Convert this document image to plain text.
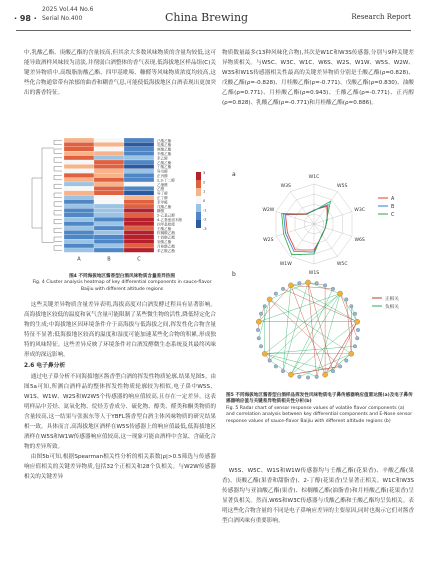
2025 Vol.44 No.6
· 98 · Serial No.400	China Brewing	Research Report

中,乳酸乙酯、庚酸乙酯的含量较高,但其余大多数风味物质的含量均较低,这可能导致酒样风味较为清淡,并削弱白酒整体的香气表现,低海拔地区样品组(C)关键差异物质中,高级脂肪酸乙酯、四甲基吡嗪、糠醛等风味物质浓度均较高,这些化合物通常带有浓郁的曲香和糊香气息,可能使低海拔地区白酒表现出更加突出的酱香特征。

己酸乙酯
乳酸乙酯
庚酸乙酯
辛酸乙酯
苯乙醇
乙酸乙酯
丁酸乙酯
异戊醇
正丙醇
2,3-丁二醇
乙缩醛
乙醛
异丁醇
正丁醇
苯甲醛
戊酸乙酯
糠醛
2-乙基己醇
4-乙基愈创木酚
四甲基吡嗪
壬酸乙酯
棕榈酸乙酯
十四酸乙酯
癸酸乙酯
月桂酸乙酯
苯乙酸乙酯
A	B	C
3
2
1
0
-1
-2
-3
图4 不同海拔地区酱香型白酒风味物质含量差异热图
Fig. 4 Cluster analysis heatmap of key differential components in sauce-flavor Baijiu with different altitude regions

这些关键差异物质含量差异表明,海拔高度对白酒发酵过程具有显著影响。高海拔地区较低的温度和氧气含量可能限制了某些微生物的活性,降低特定化合物的生成;中海拔地区因环境条件介于高海拔与低海拔之间,挥发性化合物含量特征不显著;低海拔地区较高的温度和湿度可能加速某些化合物的积累,形成独特的风味特征。这些差异反映了环境条件对白酒发酵微生态系统及其最终风味形成的深远影响。

2.6 电子鼻分析

通过电子鼻分析不同海拔地区酱香型白酒的挥发性物质轮廓,结果见图5。由图5a可知,所测白酒样品的整体挥发性物质轮廓较为相似,电子鼻中W5S、W1S、W1W、W2S和W2W5个传感器的响应值较高,且存在一定差异。这表明样品中芳烃、氮氧化物、烷烃芳香成分、硫化物、醇类、醛类和酮类物质的含量较高,这一结果与张振东等人于YBFL酱香型白酒主体风味物质的研究结果相一致。具体而言,高海拔地区酒样在W5S传感器上的响应值最低,低海拔地区酒样在W5S和W1W传感器响应值较高,这一现象可能由酒样中含氮、含硫化合物的差异所致。

由图5b可知,根据Spearman相关性分析的相关系数|ρ|>0.5筛选与传感器响应值相关的关键差异物质,包括32个正相关和28个负相关。与W2W传感器相关的关键差异

物质数量最多(13种风味化合物),其次是W1C和W3S传感器,分别与9种关键差异物质相关。与W5C、W3C、W1C、W6S、W2S、W1W、W5S、W2W、W3S和W1S传感器相关性最高的关键差异物质分别是壬酸乙酯(ρ=0.828)、戊酸乙酯(ρ=-0.828)、月桂酸乙酯(ρ=-0.771)、戊酸乙酯(ρ=0.830)、油酸乙酯(ρ=0.771)、月桂酸乙酯(ρ=0.943)、壬酸乙酯(ρ=-0.771)、正丙醇(ρ=0.828)、乳酸乙酯(ρ=-0.771)和月桂酸乙酯(ρ=0.886)。

a	W1C
W5S
W3C
W6S
W5C
W1S
W1W
W2S
W2W
W3S
A
B
C
b
正相关
负相关
图5 不同海拔地区酱香型白酒样品挥发性风味物质电子鼻传感器响应值雷达图(a)及电子鼻传感器响应值与关键差异物质相关性分析(b)
Fig. 5 Radar chart of sensor response values of volatile flavor components (a) and correlation analysis between key differential components and E-Nose sensor response values of sauce-flavor Baijiu with different altitude regions (b)

W5S、W5C、W1S和W1W传感器均与壬酸乙酯(花果香)、辛酸乙酯(果香)、庚酸乙酯(果香和甜脂香)、2-丁醇(花果香)呈显著正相关。W1C和W3S传感器均与亚油酸乙酯(果香)、棕榈酸乙酯(油脂香)和月桂酸乙酯(花果香)呈显著负相关。然而,W6S和W3C传感器与戊酸乙酯和壬酸乙酯均呈负相关。表明这些化合物含量的不同是电子鼻响应差异的主要原因,同时也揭示它们对酱香型白酒风味有重要影响。
